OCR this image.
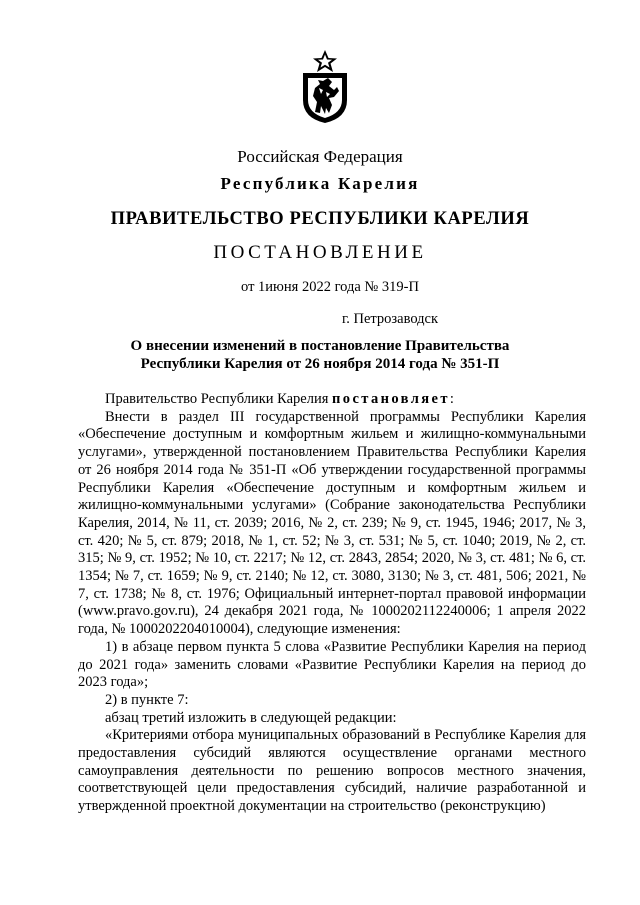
Российская Федерация
Республика Карелия
ПРАВИТЕЛЬСТВО РЕСПУБЛИКИ КАРЕЛИЯ
ПОСТАНОВЛЕНИЕ
от 1июня 2022 года № 319-П
г. Петрозаводск
О внесении изменений в постановление Правительства
Республики Карелия от 26 ноября 2014 года № 351-П

Правительство Республики Карелия постановляет:

Внести в раздел III государственной программы Республики Карелия «Обеспечение доступным и комфортным жильем и жилищно-коммунальными услугами», утвержденной постановлением Правительства Республики Карелия от 26 ноября 2014 года № 351-П «Об утверждении государственной программы Республики Карелия «Обеспечение доступным и комфортным жильем и жилищно-коммунальными услугами» (Собрание законодательства Республики Карелия, 2014, № 11, ст. 2039; 2016, № 2, ст. 239; № 9, ст. 1945, 1946; 2017, № 3, ст. 420; № 5, ст. 879; 2018, № 1, ст. 52; № 3, ст. 531; № 5, ст. 1040; 2019, № 2, ст. 315; № 9, ст. 1952; № 10, ст. 2217; № 12, ст. 2843, 2854; 2020, № 3, ст. 481; № 6, ст. 1354; № 7, ст. 1659; № 9, ст. 2140; № 12, ст. 3080, 3130; № 3, ст. 481, 506; 2021, № 7, ст. 1738; № 8, ст. 1976; Официальный интернет-портал правовой информации (www.pravo.gov.ru), 24 декабря 2021 года, № 1000202112240006; 1 апреля 2022 года, № 1000202204010004), следующие изменения:

1) в абзаце первом пункта 5 слова «Развитие Республики Карелия на период до 2021 года» заменить словами «Развитие Республики Карелия на период до 2023 года»;

2) в пункте 7:

абзац третий изложить в следующей редакции:

«Критериями отбора муниципальных образований в Республике Карелия для предоставления субсидий являются осуществление органами местного самоуправления деятельности по решению вопросов местного значения, соответствующей цели предоставления субсидий, наличие разработанной и утвержденной проектной документации на строительство (реконструкцию)
